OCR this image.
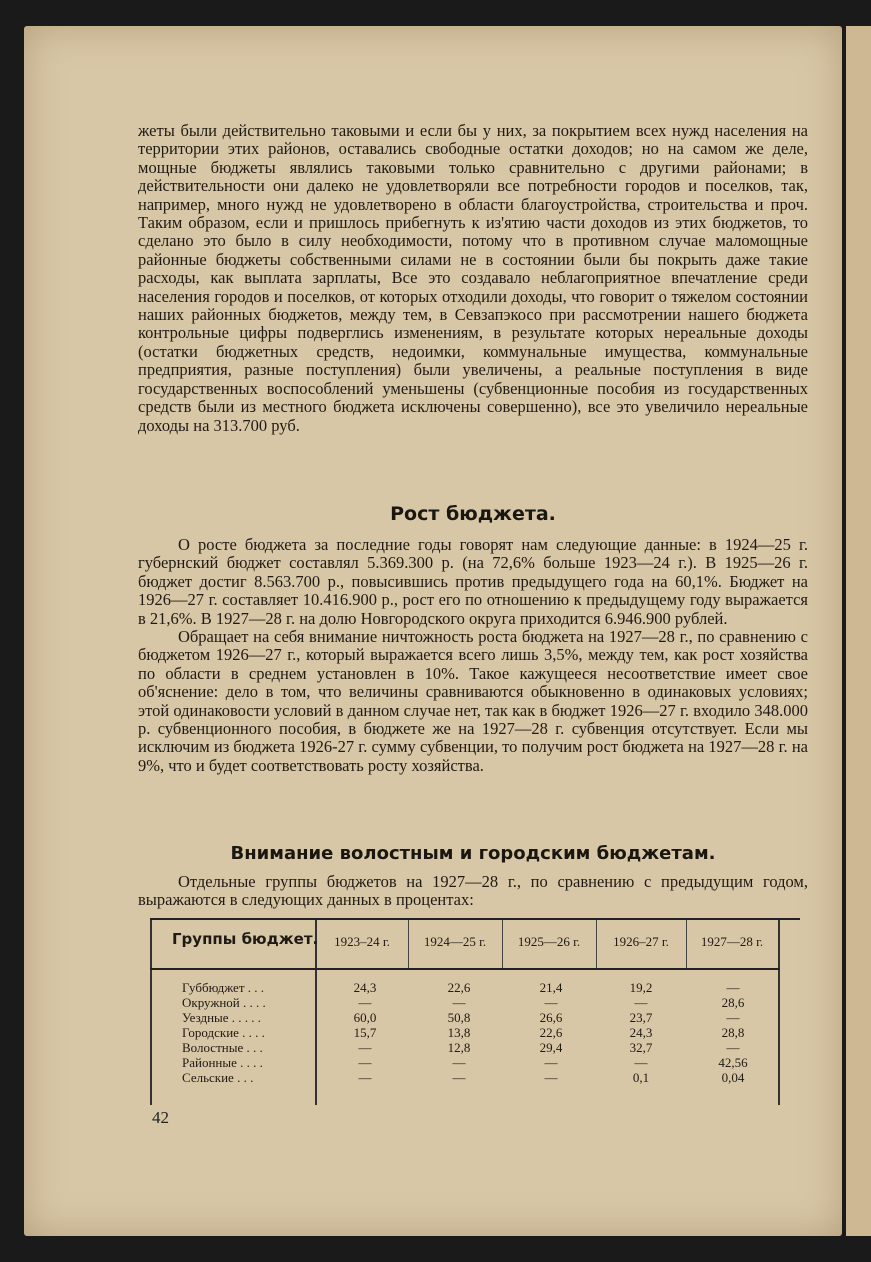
жеты были действительно таковыми и если бы у них, за покрытием всех нужд населения на территории этих районов, оставались свободные остатки доходов; но на самом же деле, мощные бюджеты являлись таковыми только сравнительно с другими районами; в действительности они далеко не удовлетворяли все потребности городов и поселков, так, например, много нужд не удовлетворено в области благоустройства, строительства и проч. Таким образом, если и пришлось прибегнуть к из'ятию части доходов из этих бюджетов, то сделано это было в силу необходимости, потому что в противном случае маломощные районные бюджеты собственными силами не в состоянии были бы покрыть даже такие расходы, как выплата зарплаты, Все это создавало неблагоприятное впечатление среди населения городов и поселков, от которых отходили доходы, что говорит о тяжелом состоянии наших районных бюджетов, между тем, в Севзапэкосо при рассмотрении нашего бюджета контрольные цифры подверглись изменениям, в результате которых нереальные доходы (остатки бюджетных средств, недоимки, коммунальные имущества, коммунальные предприятия, разные поступления) были увеличены, а реальные поступления в виде государственных воспособлений уменьшены (субвенционные пособия из государственных средств были из местного бюджета исключены совершенно), все это увеличило нереальные доходы на 313.700 руб.

Рост бюджета.

О росте бюджета за последние годы говорят нам следующие данные: в 1924—25 г. губернский бюджет составлял 5.369.300 р. (на 72,6% больше 1923—24 г.). В 1925—26 г. бюджет достиг 8.563.700 р., повысившись против предыдущего года на 60,1%. Бюджет на 1926—27 г. составляет 10.416.900 р., рост его по отношению к предыдущему году выражается в 21,6%. В 1927—28 г. на долю Новгородского округа приходится 6.946.900 рублей.

Обращает на себя внимание ничтожность роста бюджета на 1927—28 г., по сравнению с бюджетом 1926—27 г., который выражается всего лишь 3,5%, между тем, как рост хозяйства по области в среднем установлен в 10%. Такое кажущееся несоответствие имеет свое об'яснение: дело в том, что величины сравниваются обыкновенно в одинаковых условиях; этой одинаковости условий в данном случае нет, так как в бюджет 1926—27 г. входило 348.000 р. субвенционного пособия, в бюджете же на 1927—28 г. субвенция отсутствует. Если мы исключим из бюджета 1926-27 г. сумму субвенции, то получим рост бюджета на 1927—28 г. на 9%, что и будет соответствовать росту хозяйства.

Внимание волостным и городским бюджетам.

Отдельные группы бюджетов на 1927—28 г., по сравнению с предыдущим годом, выражаются в следующих данных в процентах:

Группы бюджет.	1923–24 г.	1924—25 г.	1925—26 г.	1926–27 г.	1927—28 г.
Губбюджет . . .	24,3	22,6	21,4	19,2	—
Окружной . . . .	—	—	—	—	28,6
Уездные . . . . .	60,0	50,8	26,6	23,7	—
Городские . . . .	15,7	13,8	22,6	24,3	28,8
Волостные . . .	—	12,8	29,4	32,7	—
Районные . . . .	—	—	—	—	42,56
Сельские . . .	—	—	—	0,1	0,04
42
